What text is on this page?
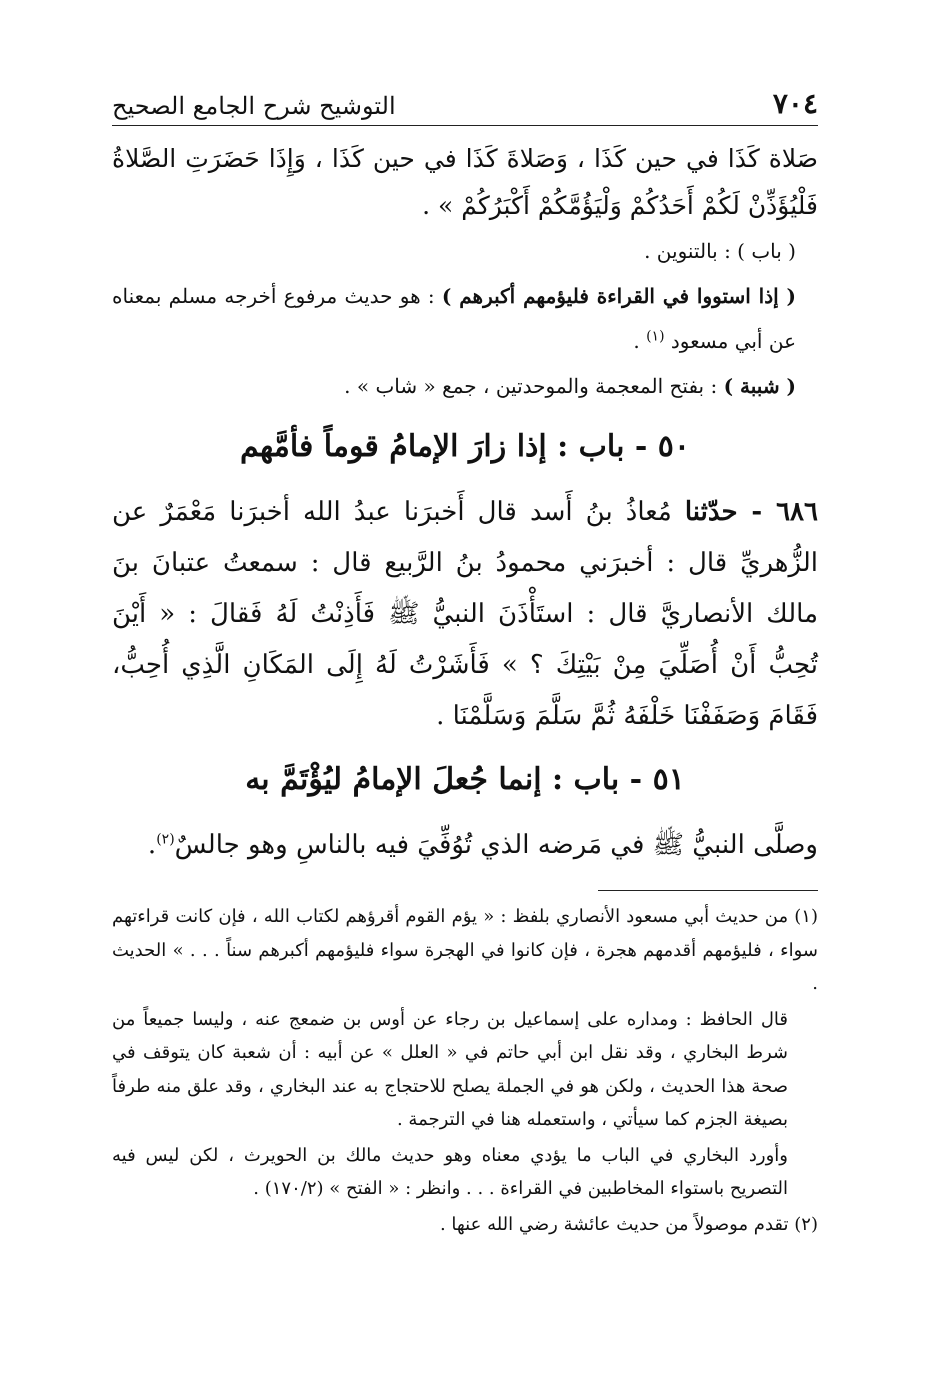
٧٠٤
التوشيح شرح الجامع الصحيح

صَلاة كَذَا في حين كَذَا ، وَصَلاةَ كَذَا في حين كَذَا ، وَإِذَا حَضَرَتِ الصَّلاةُ فَلْيُؤَذِّنْ لَكُمْ أَحَدُكُمْ وَلْيَؤُمَّكُمْ أَكْبَرُكُمْ » .

( باب ) : بالتنوين .

( إذا استووا في القراءة فليؤمهم أكبرهم ) : هو حديث مرفوع أخرجه مسلم بمعناه عن أبي مسعود $^{(١)}$ .

( شببة ) : بفتح المعجمة والموحدتين ، جمع « شاب » .

٥٠ - باب : إذا زارَ الإمامُ قوماً فأمَّهم

٦٨٦ - حدّثنا مُعاذُ بنُ أَسد قال أَخبرَنا عبدُ الله أخبرَنا مَعْمَرٌ عن الزُّهريِّ قال : أخبرَني محمودُ بنُ الرَّبيع قال : سمعتُ عتبانَ بنَ مالك الأنصاريَّ قال : استَأْذَنَ النبيُّ ﷺ فَأَذِنْتُ لَهُ فَقالَ : « أَيْنَ تُحِبُّ أَنْ أُصَلِّيَ مِنْ بَيْتِكَ ؟ » فَأَشَرْتُ لَهُ إِلَى المَكَانِ الَّذِي أُحِبُّ، فَقَامَ وَصَفَفْنَا خَلْفَهُ ثُمَّ سَلَّمَ وَسَلَّمْنَا .

٥١ - باب : إنما جُعلَ الإمامُ ليُؤْتَمَّ به

وصلَّى النبيُّ ﷺ في مَرضه الذي تُوُفِّيَ فيه بالناسِ وهو جالسٌ$^{(٢)}$.

(١) من حديث أبي مسعود الأنصاري بلفظ : « يؤم القوم أقرؤهم لكتاب الله ، فإن كانت قراءتهم سواء ، فليؤمهم أقدمهم هجرة ، فإن كانوا في الهجرة سواء فليؤمهم أكبرهم سناً . . . » الحديث .

قال الحافظ : ومداره على إسماعيل بن رجاء عن أوس بن ضمعج عنه ، وليسا جميعاً من شرط البخاري ، وقد نقل ابن أبي حاتم في « العلل » عن أبيه : أن شعبة كان يتوقف في صحة هذا الحديث ، ولكن هو في الجملة يصلح للاحتجاج به عند البخاري ، وقد علق منه طرفاً بصيغة الجزم كما سيأتي ، واستعمله هنا في الترجمة .

وأورد البخاري في الباب ما يؤدي معناه وهو حديث مالك بن الحويرث ، لكن ليس فيه التصريح باستواء المخاطبين في القراءة . . . وانظر : « الفتح » (١٧٠/٢) .

(٢) تقدم موصولاً من حديث عائشة رضي الله عنها .
